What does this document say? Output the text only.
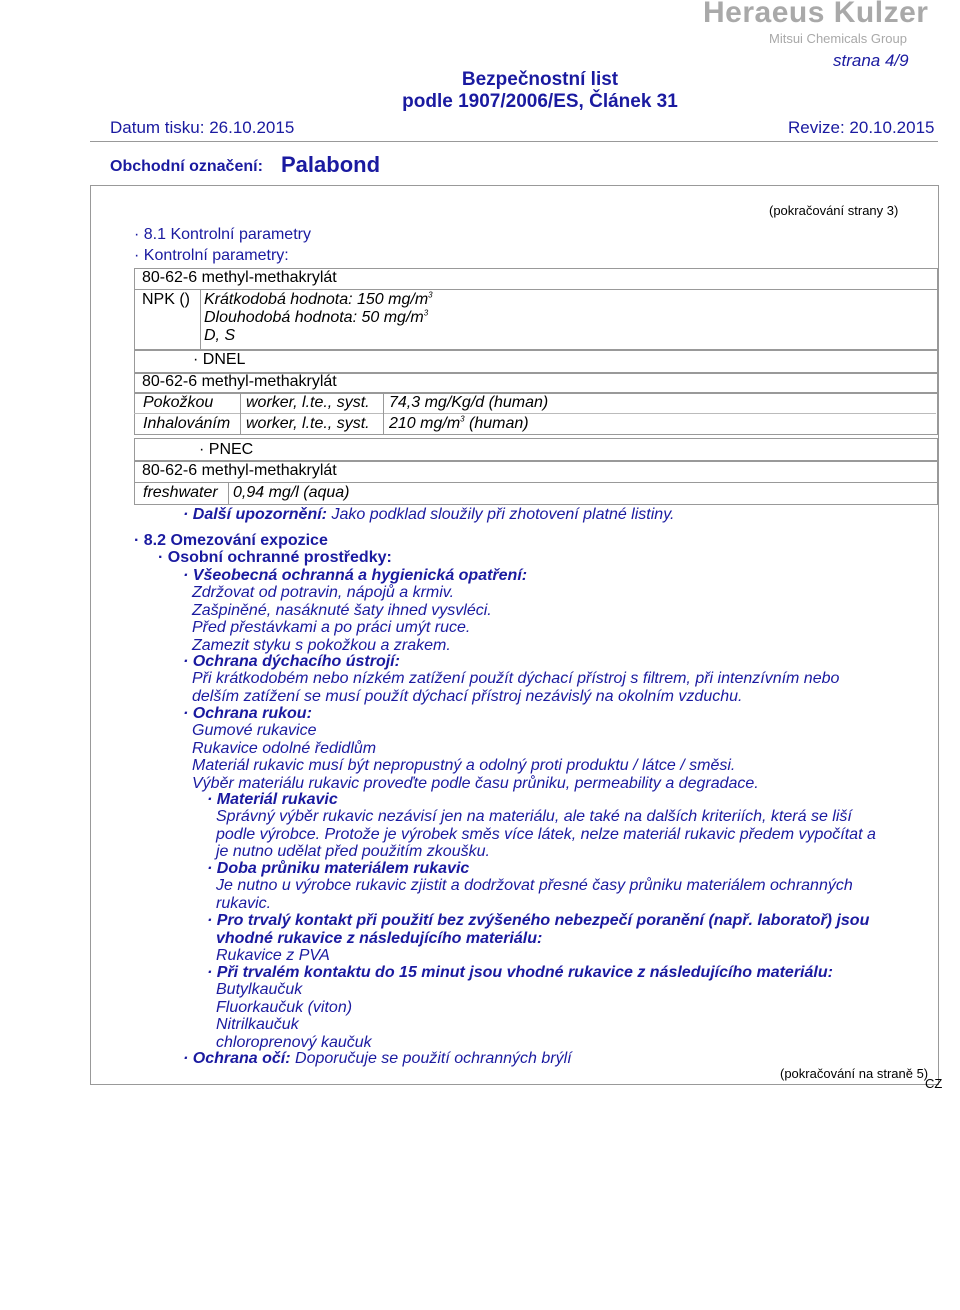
Heraeus Kulzer
Mitsui Chemicals Group
strana 4/9
Bezpečnostní list
podle 1907/2006/ES, Článek 31
Datum tisku: 26.10.2015	Revize: 20.10.2015
Obchodní označení: Palabond
(pokračování strany 3)
· 8.1 Kontrolní parametry
· Kontrolní parametry:
80-62-6 methyl-methakrylát
NPK () Krátkodobá hodnota: 150 $mg/m^3$
Dlouhodobá hodnota: 50 $mg/m^3$
D, S
· DNEL
80-62-6 methyl-methakrylát
Pokožkou worker, l.te., syst. 74,3 mg/Kg/d (human)
Inhalováním worker, l.te., syst. 210 $mg/m^3$ (human)
· PNEC
80-62-6 methyl-methakrylát
freshwater 0,94 mg/l (aqua)
· Další upozornění: Jako podklad sloužily při zhotovení platné listiny.
· 8.2 Omezování expozice
· Osobní ochranné prostředky:
· Všeobecná ochranná a hygienická opatření:
Zdržovat od potravin, nápojů a krmiv.
Zašpiněné, nasáknuté šaty ihned vysvléci.
Před přestávkami a po práci umýt ruce.
Zamezit styku s pokožkou a zrakem.
· Ochrana dýchacího ústrojí:
Při krátkodobém nebo nízkém zatížení použít dýchací přístroj s filtrem, při intenzívním nebo
delším zatížení se musí použít dýchací přístroj nezávislý na okolním vzduchu.
· Ochrana rukou:
Gumové rukavice
Rukavice odolné ředidlům
Materiál rukavic musí být nepropustný a odolný proti produktu / látce / směsi.
Výběr materiálu rukavic proveďte podle času průniku, permeability a degradace.
· Materiál rukavic
Správný výběr rukavic nezávisí jen na materiálu, ale také na dalších kriteriích, která se liší
podle výrobce. Protože je výrobek směs více látek, nelze materiál rukavic předem vypočítat a
je nutno udělat před použitím zkoušku.
· Doba průniku materiálem rukavic
Je nutno u výrobce rukavic zjistit a dodržovat přesné časy průniku materiálem ochranných
rukavic.
· Pro trvalý kontakt při použití bez zvýšeného nebezpečí poranění (např. laboratoř) jsou
vhodné rukavice z následujícího materiálu:
Rukavice z PVA
· Při trvalém kontaktu do 15 minut jsou vhodné rukavice z následujícího materiálu:
Butylkaučuk
Fluorkaučuk (viton)
Nitrilkaučuk
chloroprenový kaučuk
· Ochrana očí: Doporučuje se použití ochranných brýlí
(pokračování na straně 5)
CZ
